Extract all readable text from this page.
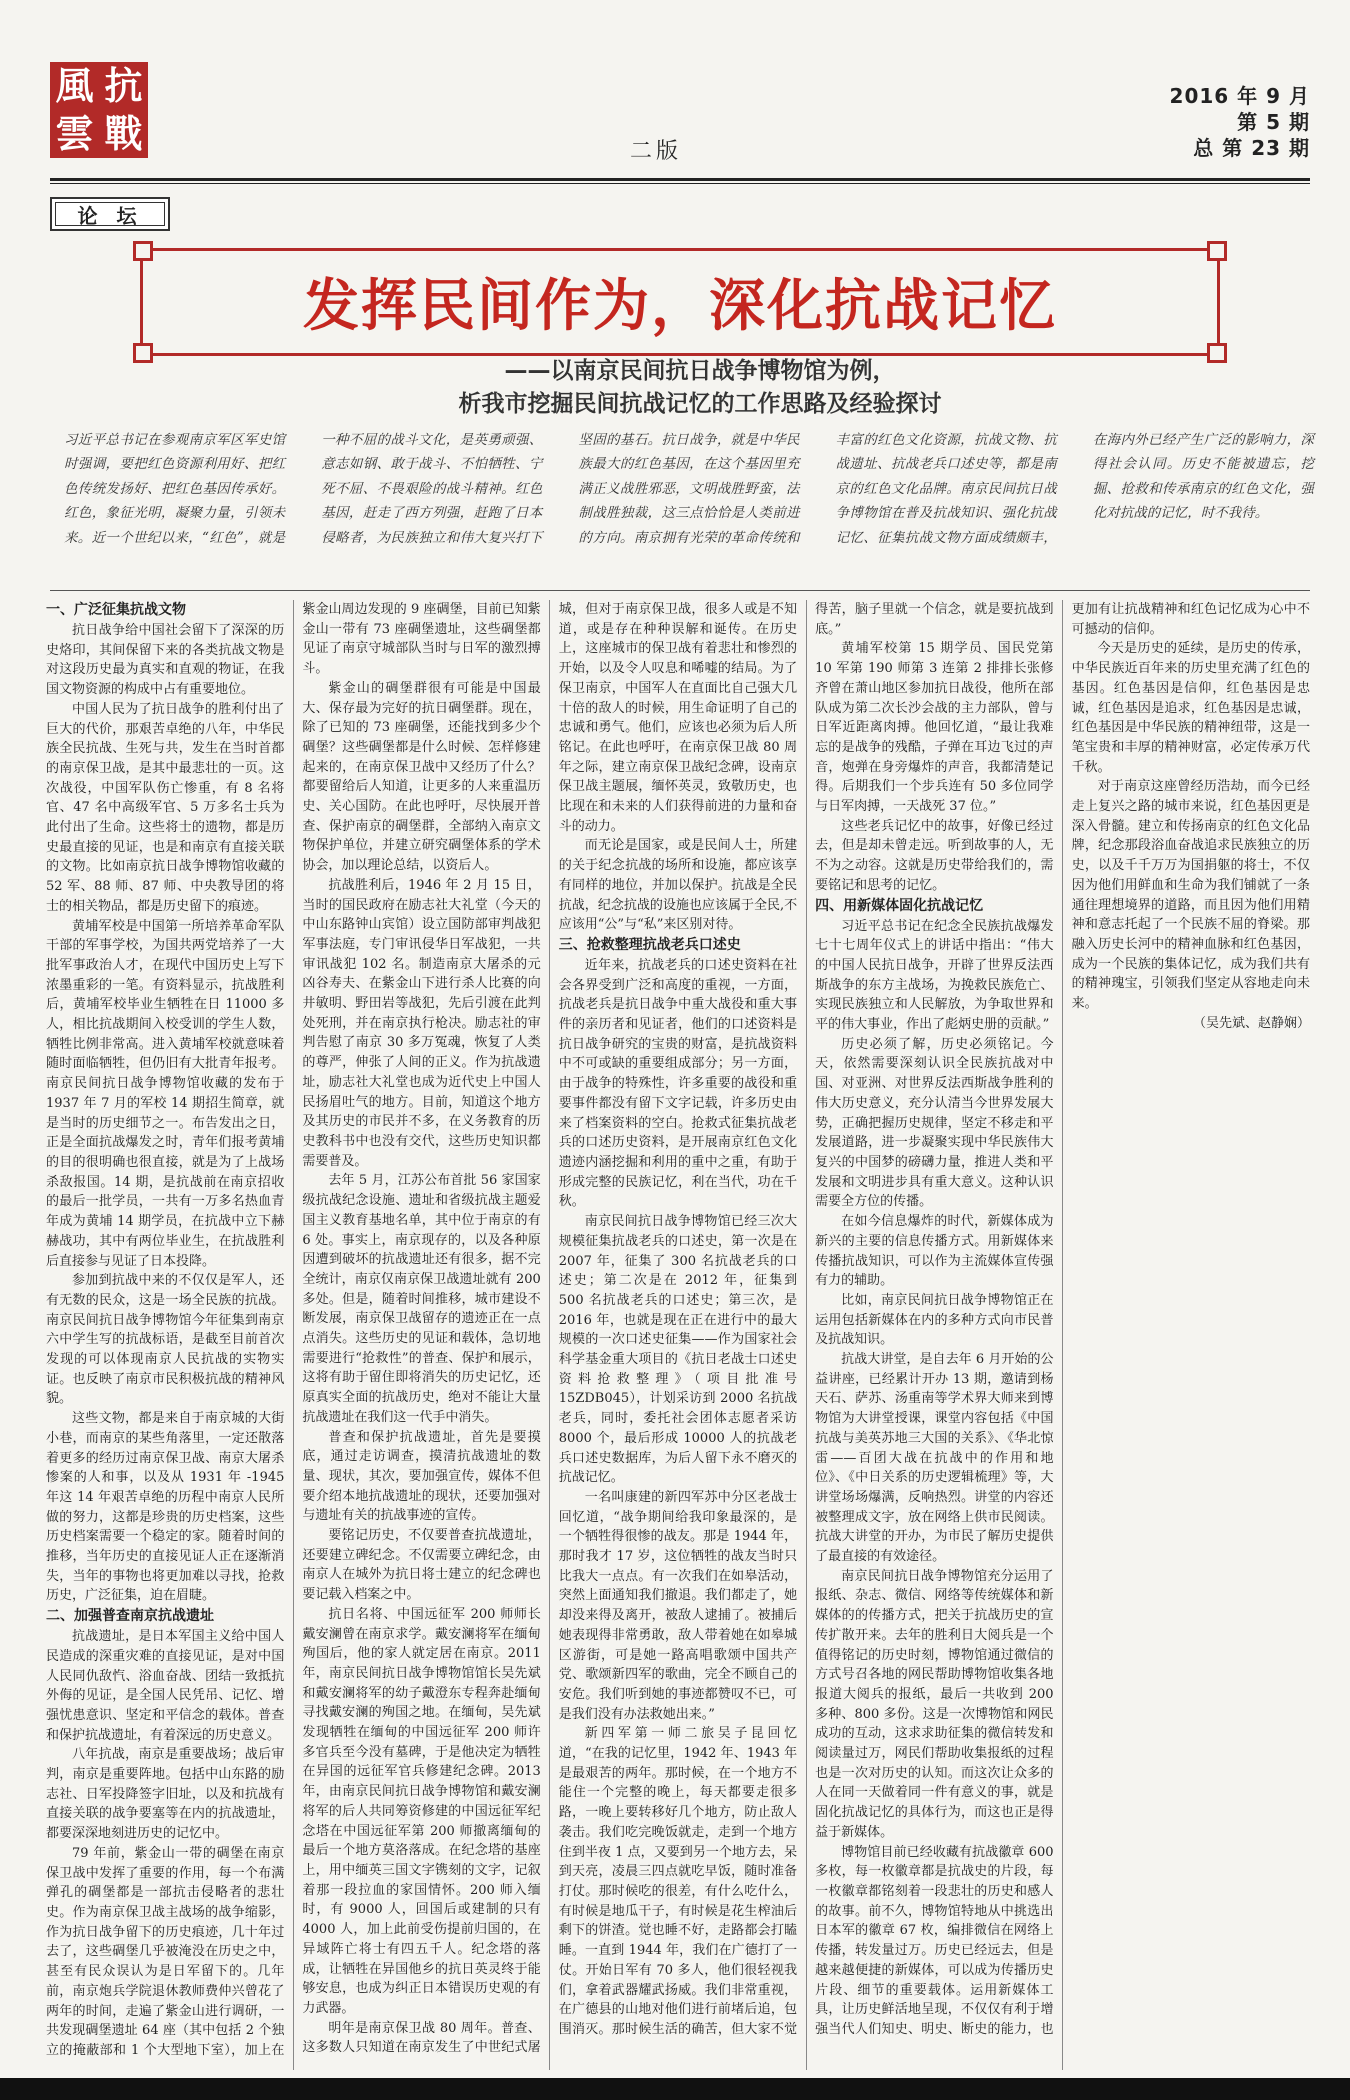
風 抗
雲 戰	二版
2016 年 9 月
第 5 期
总 第 23 期
论 坛
发挥民间作为，深化抗战记忆
——以南京民间抗日战争博物馆为例，
析我市挖掘民间抗战记忆的工作思路及经验探讨
习近平总书记在参观南京军区军史馆时强调，要把红色资源利用好、把红色传统发扬好、把红色基因传承好。红色，象征光明，凝聚力量，引领未来。近一个世纪以来，“红色”，就是一种不屈的战斗文化，是英勇顽强、意志如钢、敢于战斗、不怕牺牲、宁死不屈、不畏艰险的战斗精神。红色基因，赶走了西方列强，赶跑了日本侵略者，为民族独立和伟大复兴打下坚固的基石。抗日战争，就是中华民族最大的红色基因，在这个基因里充满正义战胜邪恶，文明战胜野蛮，法制战胜独裁，这三点恰恰是人类前进的方向。南京拥有光荣的革命传统和丰富的红色文化资源，抗战文物、抗战遗址、抗战老兵口述史等，都是南京的红色文化品牌。南京民间抗日战争博物馆在普及抗战知识、强化抗战记忆、征集抗战文物方面成绩颇丰，在海内外已经产生广泛的影响力，深得社会认同。历史不能被遗忘，挖掘、抢救和传承南京的红色文化，强化对抗战的记忆，时不我待。
一、广泛征集抗战文物

抗日战争给中国社会留下了深深的历史烙印，其间保留下来的各类抗战文物是对这段历史最为真实和直观的物证，在我国文物资源的构成中占有重要地位。

中国人民为了抗日战争的胜利付出了巨大的代价，那艰苦卓绝的八年，中华民族全民抗战、生死与共，发生在当时首都的南京保卫战，是其中最悲壮的一页。这次战役，中国军队伤亡惨重，有 8 名将官、47 名中高级军官、5 万多名士兵为此付出了生命。这些将士的遗物，都是历史最直接的见证，也是和南京有直接关联的文物。比如南京抗日战争博物馆收藏的 52 军、88 师、87 师、中央教导团的将士的相关物品，都是历史留下的痕迹。

黄埔军校是中国第一所培养革命军队干部的军事学校，为国共两党培养了一大批军事政治人才，在现代中国历史上写下浓墨重彩的一笔。有资料显示，抗战胜利后，黄埔军校毕业生牺牲在日 11000 多人，相比抗战期间入校受训的学生人数，牺牲比例非常高。进入黄埔军校就意味着随时面临牺牲，但仍旧有大批青年报考。南京民间抗日战争博物馆收藏的发布于 1937 年 7 月的军校 14 期招生简章，就是当时的历史细节之一。布告发出之日，正是全面抗战爆发之时，青年们报考黄埔的目的很明确也很直接，就是为了上战场杀敌报国。14 期，是抗战前在南京招收的最后一批学员，一共有一万多名热血青年成为黄埔 14 期学员，在抗战中立下赫赫战功，其中有两位毕业生，在抗战胜利后直接参与见证了日本投降。

参加到抗战中来的不仅仅是军人，还有无数的民众，这是一场全民族的抗战。南京民间抗日战争博物馆今年征集到南京六中学生写的抗战标语，是截至目前首次发现的可以体现南京人民抗战的实物实证。也反映了南京市民积极抗战的精神风貌。

这些文物，都是来自于南京城的大街小巷，而南京的某些角落里，一定还散落着更多的经历过南京保卫战、南京大屠杀惨案的人和事，以及从 1931 年 -1945 年这 14 年艰苦卓绝的历程中南京人民所做的努力，这都是珍贵的历史档案，这些历史档案需要一个稳定的家。随着时间的推移，当年历史的直接见证人正在逐渐消失，当年的事物也将更加难以寻找，抢救历史，广泛征集，迫在眉睫。

二、加强普查南京抗战遗址

抗战遗址，是日本军国主义给中国人民造成的深重灾难的直接见证，是对中国人民同仇敌忾、浴血奋战、团结一致抵抗外侮的见证，是全国人民凭吊、记忆、增强忧患意识、坚定和平信念的载体。普查和保护抗战遗址，有着深远的历史意义。

八年抗战，南京是重要战场；战后审判，南京是重要阵地。包括中山东路的励志社、日军投降签字旧址，以及和抗战有直接关联的战争要塞等在内的抗战遗址，都要深深地刻进历史的记忆中。

79 年前，紫金山一带的碉堡在南京保卫战中发挥了重要的作用，每一个布满弹孔的碉堡都是一部抗击侵略者的悲壮史。作为南京保卫战主战场的战争缩影，作为抗日战争留下的历史痕迹，几十年过去了，这些碉堡几乎被淹没在历史之中，甚至有民众误认为是日军留下的。几年前，南京炮兵学院退休教师费仲兴曾花了两年的时间，走遍了紫金山进行调研，一共发现碉堡遗址 64 座（其中包括 2 个独立的掩蔽部和 1 个大型地下室），加上在紫金山周边发现的 9 座碉堡，目前已知紫金山一带有 73 座碉堡遗址，这些碉堡都见证了南京守城部队当时与日军的激烈搏斗。

紫金山的碉堡群很有可能是中国最大、保存最为完好的抗日碉堡群。现在，除了已知的 73 座碉堡，还能找到多少个碉堡？这些碉堡都是什么时候、怎样修建起来的，在南京保卫战中又经历了什么？都要留给后人知道，让更多的人来重温历史、关心国防。在此也呼吁，尽快展开普查、保护南京的碉堡群，全部纳入南京文物保护单位，并建立研究碉堡体系的学术协会，加以理论总结，以资后人。

抗战胜利后，1946 年 2 月 15 日，当时的国民政府在励志社大礼堂（今天的中山东路钟山宾馆）设立国防部审判战犯军事法庭，专门审讯侵华日军战犯，一共审讯战犯 102 名。制造南京大屠杀的元凶谷寿夫、在紫金山下进行杀人比赛的向井敏明、野田岩等战犯，先后引渡在此判处死刑，并在南京执行枪决。励志社的审判告慰了南京 30 多万冤魂，恢复了人类的尊严，伸张了人间的正义。作为抗战遗址，励志社大礼堂也成为近代史上中国人民扬眉吐气的地方。目前，知道这个地方及其历史的市民并不多，在义务教育的历史教科书中也没有交代，这些历史知识都需要普及。

去年 5 月，江苏公布首批 56 家国家级抗战纪念设施、遗址和省级抗战主题爱国主义教育基地名单，其中位于南京的有 6 处。事实上，南京现存的，以及各种原因遭到破坏的抗战遗址还有很多，据不完全统计，南京仅南京保卫战遗址就有 200 多处。但是，随着时间推移，城市建设不断发展，南京保卫战留存的遗迹正在一点点消失。这些历史的见证和载体，急切地需要进行“抢救性”的普查、保护和展示，这将有助于留住即将消失的历史记忆，还原真实全面的抗战历史，绝对不能让大量抗战遗址在我们这一代手中消失。

普查和保护抗战遗址，首先是要摸底，通过走访调查，摸清抗战遗址的数量、现状，其次，要加强宣传，媒体不但要介绍本地抗战遗址的现状，还要加强对与遗址有关的抗战事迹的宣传。

要铭记历史，不仅要普查抗战遗址，还要建立碑纪念。不仅需要立碑纪念，由南京人在城外为抗日将士建立的纪念碑也要记载入档案之中。

抗日名将、中国远征军 200 师师长戴安澜曾在南京求学。戴安澜将军在缅甸殉国后，他的家人就定居在南京。2011 年，南京民间抗日战争博物馆馆长吴先斌和戴安澜将军的幼子戴澄东专程奔赴缅甸寻找戴安澜的殉国之地。在缅甸，吴先斌发现牺牲在缅甸的中国远征军 200 师许多官兵至今没有墓碑，于是他决定为牺牲在异国的远征军官兵修建纪念碑。2013 年，由南京民间抗日战争博物馆和戴安澜将军的后人共同筹资修建的中国远征军纪念塔在中国远征军第 200 师撤离缅甸的最后一个地方莫洛落成。在纪念塔的基座上，用中缅英三国文字镌刻的文字，记叙着那一段拉血的家国情怀。200 师入缅时，有 9000 人，回国后或建制的只有 4000 人，加上此前受伤提前归国的，在异域阵亡将士有四五千人。纪念塔的落成，让牺牲在异国他乡的抗日英灵终于能够安息，也成为纠正日本错误历史观的有力武器。

明年是南京保卫战 80 周年。普查、这多数人只知道在南京发生了中世纪式屠城，但对于南京保卫战，很多人或是不知道，或是存在种种误解和诞传。在历史上，这座城市的保卫战有着悲壮和惨烈的开始，以及令人叹息和唏嘘的结局。为了保卫南京，中国军人在直面比自己强大几十倍的敌人的时候，用生命证明了自己的忠诚和勇气。他们，应该也必须为后人所铭记。在此也呼吁，在南京保卫战 80 周年之际，建立南京保卫战纪念碑，设南京保卫战主题展，缅怀英灵，致敬历史，也比现在和未来的人们获得前进的力量和奋斗的动力。

而无论是国家，或是民间人士，所建的关于纪念抗战的场所和设施，都应该享有同样的地位，并加以保护。抗战是全民抗战，纪念抗战的设施也应该属于全民,不应该用“公”与“私”来区别对待。

三、抢救整理抗战老兵口述史

近年来，抗战老兵的口述史资料在社会各界受到广泛和高度的重视，一方面，抗战老兵是抗日战争中重大战役和重大事件的亲历者和见证者，他们的口述资料是抗日战争研究的宝贵的财富，是抗战资料中不可或缺的重要组成部分；另一方面，由于战争的特殊性，许多重要的战役和重要事件都没有留下文字记载，许多历史由来了档案资料的空白。抢救式征集抗战老兵的口述历史资料，是开展南京红色文化遗迹内涵挖掘和利用的重中之重，有助于形成完整的民族记忆，利在当代，功在千秋。

南京民间抗日战争博物馆已经三次大规模征集抗战老兵的口述史，第一次是在 2007 年，征集了 300 名抗战老兵的口述史；第二次是在 2012 年，征集到 500 名抗战老兵的口述史；第三次，是 2016 年，也就是现在正在进行中的最大规模的一次口述史征集——作为国家社会科学基金重大项目的《抗日老战士口述史资料抢救整理》（项目批准号15ZDB045），计划采访到 2000 名抗战老兵，同时，委托社会团体志愿者采访 8000 个，最后形成 10000 人的抗战老兵口述史数据库，为后人留下永不磨灭的抗战记忆。

一名叫康建的新四军苏中分区老战士回忆道，“战争期间给我印象最深的，是一个牺牲得很惨的战友。那是 1944 年，那时我才 17 岁，这位牺牲的战友当时只比我大一点点。有一次我们在如皋活动，突然上面通知我们撤退。我们都走了，她却没来得及离开，被敌人逮捕了。被捕后她表现得非常勇敢，敌人带着她在如皋城区游街，可是她一路高唱歌颂中国共产党、歌颂新四军的歌曲，完全不顾自己的安危。我们听到她的事迹都赞叹不已，可是我们没有办法救她出来。”

新四军第一师二旅吴子昆回忆道，“在我的记忆里，1942 年、1943 年是最艰苦的两年。那时候，在一个地方不能住一个完整的晚上，每天都要走很多路，一晚上要转移好几个地方，防止敌人袭击。我们吃完晚饭就走，走到一个地方住到半夜 1 点，又要到另一个地方去，呆到天亮，凌晨三四点就吃早饭，随时准备打仗。那时候吃的很差，有什么吃什么，有时候是地瓜干子，有时候是花生榨油后剩下的饼渣。觉也睡不好，走路都会打瞌睡。一直到 1944 年，我们在广德打了一仗。开始日军有 70 多人，他们很轻视我们，拿着武器耀武扬威。我们非常重视，在广德县的山地对他们进行前堵后追，包围消灭。那时候生活的确苦，但大家不觉得苦，脑子里就一个信念，就是要抗战到底。”

黄埔军校第 15 期学员、国民党第 10 军第 190 师第 3 连第 2 排排长张修齐曾在萧山地区参加抗日战役，他所在部队成为第二次长沙会战的主力部队，曾与日军近距离肉搏。他回忆道，“最让我难忘的是战争的残酷，子弹在耳边飞过的声音，炮弹在身旁爆炸的声音，我都清楚记得。后期我们一个步兵连有 50 多位同学与日军肉搏，一天战死 37 位。”

这些老兵记忆中的故事，好像已经过去，但是却未曾走远。听到故事的人，无不为之动容。这就是历史带给我们的，需要铭记和思考的记忆。

四、用新媒体固化抗战记忆

习近平总书记在纪念全民族抗战爆发七十七周年仪式上的讲话中指出：“伟大的中国人民抗日战争，开辟了世界反法西斯战争的东方主战场，为挽救民族危亡、实现民族独立和人民解放，为争取世界和平的伟大事业，作出了彪炳史册的贡献。”

历史必须了解，历史必须铭记。今天，依然需要深刻认识全民族抗战对中国、对亚洲、对世界反法西斯战争胜利的伟大历史意义，充分认清当今世界发展大势，正确把握历史规律，坚定不移走和平发展道路，进一步凝聚实现中华民族伟大复兴的中国梦的磅礴力量，推进人类和平发展和文明进步具有重大意义。这种认识需要全方位的传播。

在如今信息爆炸的时代，新媒体成为新兴的主要的信息传播方式。用新媒体来传播抗战知识，可以作为主流媒体宣传强有力的辅助。

比如，南京民间抗日战争博物馆正在运用包括新媒体在内的多种方式向市民普及抗战知识。

抗战大讲堂，是自去年 6 月开始的公益讲座，已经累计开办 13 期，邀请到杨天石、萨苏、汤重南等学术界大师来到博物馆为大讲堂授课，课堂内容包括《中国抗战与美英苏地三大国的关系》、《华北惊雷——百团大战在抗战中的作用和地位》、《中日关系的历史逻辑梳理》等，大讲堂场场爆满，反响热烈。讲堂的内容还被整理成文字，放在网络上供市民阅读。抗战大讲堂的开办，为市民了解历史提供了最直接的有效途径。

南京民间抗日战争博物馆充分运用了报纸、杂志、微信、网络等传统媒体和新媒体的的传播方式，把关于抗战历史的宣传扩散开来。去年的胜利日大阅兵是一个值得铭记的历史时刻，博物馆通过微信的方式号召各地的网民帮助博物馆收集各地报道大阅兵的报纸，最后一共收到 200 多种、800 多份。这是一次博物馆和网民成功的互动，这求求助征集的微信转发和阅读量过万，网民们帮助收集报纸的过程也是一次对历史的认知。而这次让众多的人在同一天做着同一件有意义的事，就是固化抗战记忆的具体行为，而这也正是得益于新媒体。

博物馆目前已经收藏有抗战徽章 600 多枚，每一枚徽章都是抗战史的片段，每一枚徽章都铭刻着一段悲壮的历史和感人的故事。前不久，博物馆特地从中挑选出日本军的徽章 67 枚，编排微信在网络上传播，转发量过万。历史已经远去，但是越来越便捷的新媒体，可以成为传播历史片段、细节的重要载体。运用新媒体工具，让历史鲜活地呈现，不仅仅有利于增强当代人们知史、明史、断史的能力，也更加有让抗战精神和红色记忆成为心中不可撼动的信仰。

今天是历史的延续，是历史的传承，中华民族近百年来的历史里充满了红色的基因。红色基因是信仰，红色基因是忠诚，红色基因是追求，红色基因是忠诚，红色基因是中华民族的精神纽带，这是一笔宝贵和丰厚的精神财富，必定传承万代千秋。

对于南京这座曾经历浩劫，而今已经走上复兴之路的城市来说，红色基因更是深入骨髓。建立和传扬南京的红色文化品牌，纪念那段浴血奋战追求民族独立的历史，以及千千万万为国捐躯的将士，不仅因为他们用鲜血和生命为我们铺就了一条通往理想境界的道路，而且因为他们用精神和意志托起了一个民族不屈的脊梁。那融入历史长河中的精神血脉和红色基因，成为一个民族的集体记忆，成为我们共有的精神瑰宝，引领我们坚定从容地走向未来。

（吴先斌、赵静娴）
